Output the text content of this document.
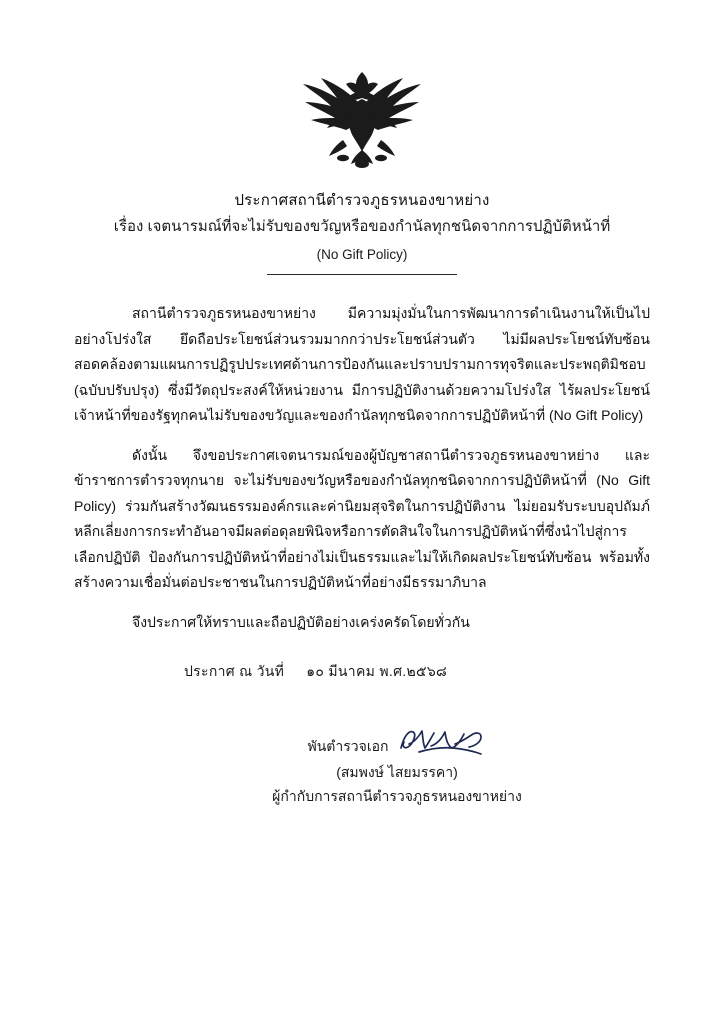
ประกาศสถานีตำรวจภูธรหนองขาหย่าง
เรื่อง เจตนารมณ์ที่จะไม่รับของขวัญหรือของกำนัลทุกชนิดจากการปฏิบัติหน้าที่
(No Gift Policy)

สถานีตำรวจภูธรหนองขาหย่าง มีความมุ่งมั่นในการพัฒนาการดำเนินงานให้เป็นไปอย่างโปร่งใส ยึดถือประโยชน์ส่วนรวมมากกว่าประโยชน์ส่วนตัว ไม่มีผลประโยชน์ทับซ้อน สอดคล้องตามแผนการปฏิรูปประเทศด้านการป้องกันและปราบปรามการทุจริตและประพฤติมิชอบ (ฉบับปรับปรุง) ซึ่งมีวัตถุประสงค์ให้หน่วยงาน มีการปฏิบัติงานด้วยความโปร่งใส ไร้ผลประโยชน์ เจ้าหน้าที่ของรัฐทุกคนไม่รับของขวัญและของกำนัลทุกชนิดจากการปฏิบัติหน้าที่ (No Gift Policy)

ดังนั้น จึงขอประกาศเจตนารมณ์ของผู้บัญชาสถานีตำรวจภูธรหนองขาหย่าง และข้าราชการตำรวจทุกนาย จะไม่รับของขวัญหรือของกำนัลทุกชนิดจากการปฏิบัติหน้าที่ (No Gift Policy) ร่วมกันสร้างวัฒนธรรมองค์กรและค่านิยมสุจริตในการปฏิบัติงาน ไม่ยอมรับระบบอุปถัมภ์ หลีกเลี่ยงการกระทำอันอาจมีผลต่อดุลยพินิจหรือการตัดสินใจในการปฏิบัติหน้าที่ซึ่งนำไปสู่การเลือกปฏิบัติ ป้องกันการปฏิบัติหน้าที่อย่างไม่เป็นธรรมและไม่ให้เกิดผลประโยชน์ทับซ้อน พร้อมทั้งสร้างความเชื่อมั่นต่อประชาชนในการปฏิบัติหน้าที่อย่างมีธรรมาภิบาล

จึงประกาศให้ทราบและถือปฏิบัติอย่างเคร่งครัดโดยทั่วกัน

ประกาศ ณ วันที่ ๑๐ มีนาคม พ.ศ.๒๕๖๘
พันตำรวจเอก
(สมพงษ์ ไสยมรรคา)
ผู้กำกับการสถานีตำรวจภูธรหนองขาหย่าง
